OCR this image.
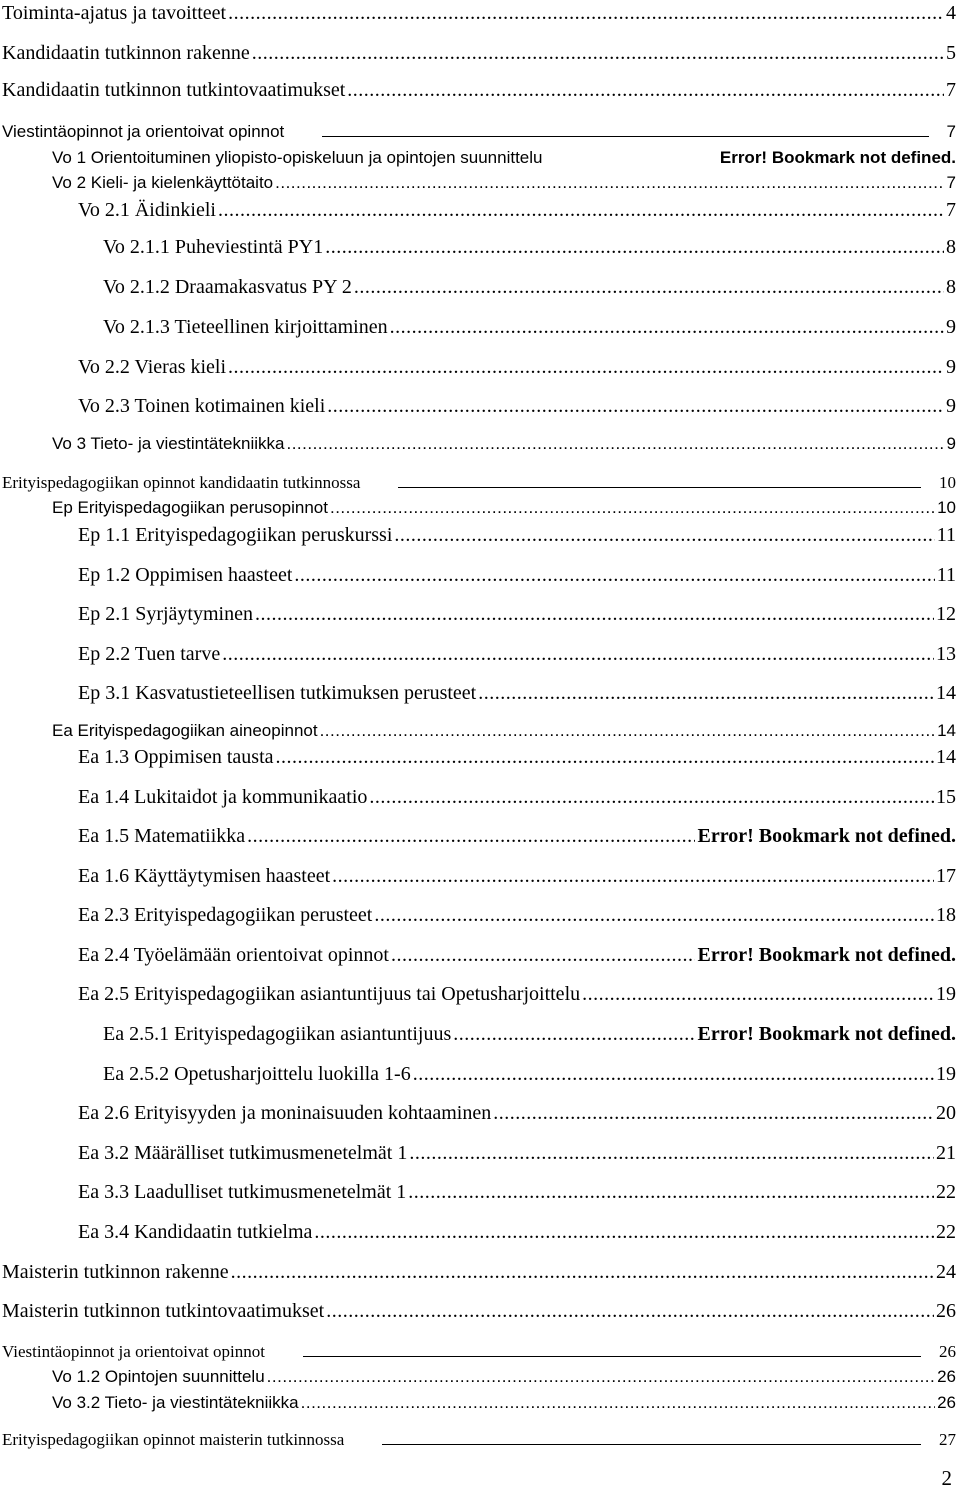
Toiminta-ajatus ja tavoitteet .....	4
Kandidaatin tutkinnon rakenne .....	5
Kandidaatin tutkinnon tutkintovaatimukset .....	7
Viestintäopinnot ja orientoivat opinnot	7
Vo 1 Orientoituminen yliopisto-opiskeluun ja opintojen suunnittelu	Error! Bookmark not defined.
Vo 2 Kieli- ja kielenkäyttötaito .....	7
Vo 2.1 Äidinkieli .....	7
Vo 2.1.1 Puheviestintä PY1 .....	8
Vo 2.1.2 Draamakasvatus PY 2 .....	8
Vo 2.1.3 Tieteellinen kirjoittaminen .....	9
Vo 2.2 Vieras kieli .....	9
Vo 2.3 Toinen kotimainen kieli .....	9
Vo 3 Tieto- ja viestintätekniikka .....	9
Erityispedagogiikan opinnot kandidaatin tutkinnossa	10
Ep Erityispedagogiikan perusopinnot .....	10
Ep 1.1 Erityispedagogiikan peruskurssi .....	11
Ep 1.2 Oppimisen haasteet .....	11
Ep 2.1 Syrjäytyminen .....	12
Ep 2.2 Tuen tarve .....	13
Ep 3.1 Kasvatustieteellisen tutkimuksen perusteet .....	14
Ea Erityispedagogiikan aineopinnot .....	14
Ea 1.3 Oppimisen tausta .....	14
Ea 1.4 Lukitaidot ja kommunikaatio .....	15
Ea 1.5 Matematiikka .....	Error! Bookmark not defined.
Ea 1.6 Käyttäytymisen haasteet .....	17
Ea 2.3 Erityispedagogiikan perusteet .....	18
Ea 2.4 Työelämään orientoivat opinnot .....	Error! Bookmark not defined.
Ea 2.5 Erityispedagogiikan asiantuntijuus tai Opetusharjoittelu .....	19
Ea 2.5.1 Erityispedagogiikan asiantuntijuus .....	Error! Bookmark not defined.
Ea 2.5.2 Opetusharjoittelu luokilla 1-6 .....	19
Ea 2.6 Erityisyyden ja moninaisuuden kohtaaminen .....	20
Ea 3.2 Määrälliset tutkimusmenetelmät 1 .....	21
Ea 3.3 Laadulliset tutkimusmenetelmät 1 .....	22
Ea 3.4 Kandidaatin tutkielma .....	22
Maisterin tutkinnon rakenne .....	24
Maisterin tutkinnon tutkintovaatimukset .....	26
Viestintäopinnot ja orientoivat opinnot	26
Vo 1.2 Opintojen suunnittelu .....	26
Vo 3.2 Tieto- ja viestintätekniikka .....	26
Erityispedagogiikan opinnot maisterin tutkinnossa	27
2
